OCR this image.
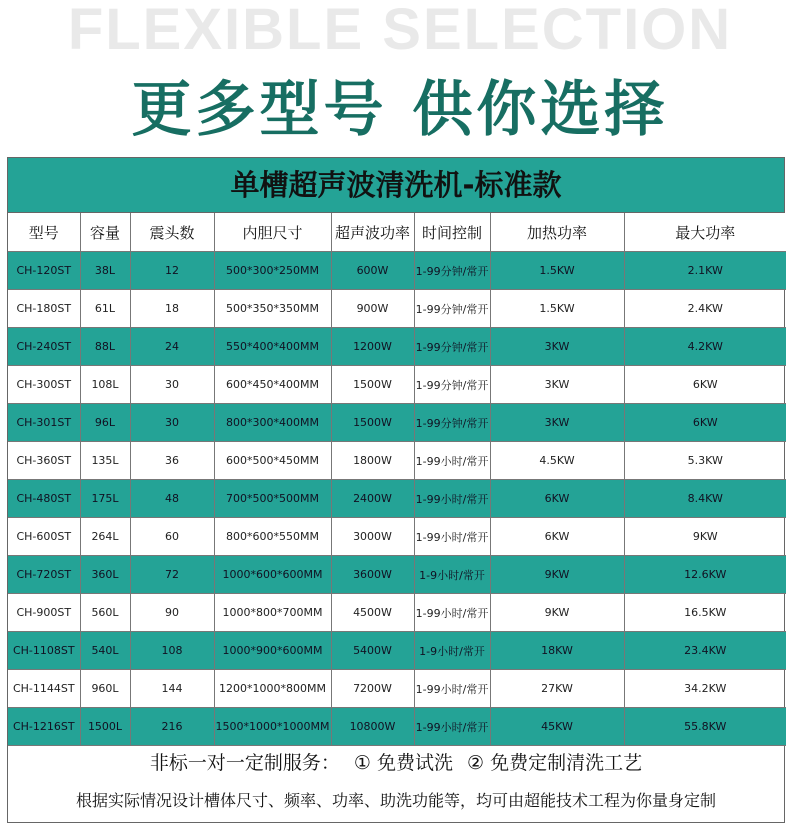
FLEXIBLE SELECTION
更多型号 供你选择
单槽超声波清洗机-标准款
型号	容量	震头数	内胆尺寸	超声波功率	时间控制	加热功率	最大功率
CH-120ST	38L	12	500*300*250MM	600W	1-99分钟/常开	1.5KW	2.1KW
CH-180ST	61L	18	500*350*350MM	900W	1-99分钟/常开	1.5KW	2.4KW
CH-240ST	88L	24	550*400*400MM	1200W	1-99分钟/常开	3KW	4.2KW
CH-300ST	108L	30	600*450*400MM	1500W	1-99分钟/常开	3KW	6KW
CH-301ST	96L	30	800*300*400MM	1500W	1-99分钟/常开	3KW	6KW
CH-360ST	135L	36	600*500*450MM	1800W	1-99小时/常开	4.5KW	5.3KW
CH-480ST	175L	48	700*500*500MM	2400W	1-99小时/常开	6KW	8.4KW
CH-600ST	264L	60	800*600*550MM	3000W	1-99小时/常开	6KW	9KW
CH-720ST	360L	72	1000*600*600MM	3600W	1-9小时/常开	9KW	12.6KW
CH-900ST	560L	90	1000*800*700MM	4500W	1-99小时/常开	9KW	16.5KW
CH-1108ST	540L	108	1000*900*600MM	5400W	1-9小时/常开	18KW	23.4KW
CH-1144ST	960L	144	1200*1000*800MM	7200W	1-99小时/常开	27KW	34.2KW
CH-1216ST	1500L	216	1500*1000*1000MM	10800W	1-99小时/常开	45KW	55.8KW
非标一对一定制服务： ① 免费试洗 ② 免费定制清洗工艺
根据实际情况设计槽体尺寸、频率、功率、助洗功能等，均可由超能技术工程为你量身定制
